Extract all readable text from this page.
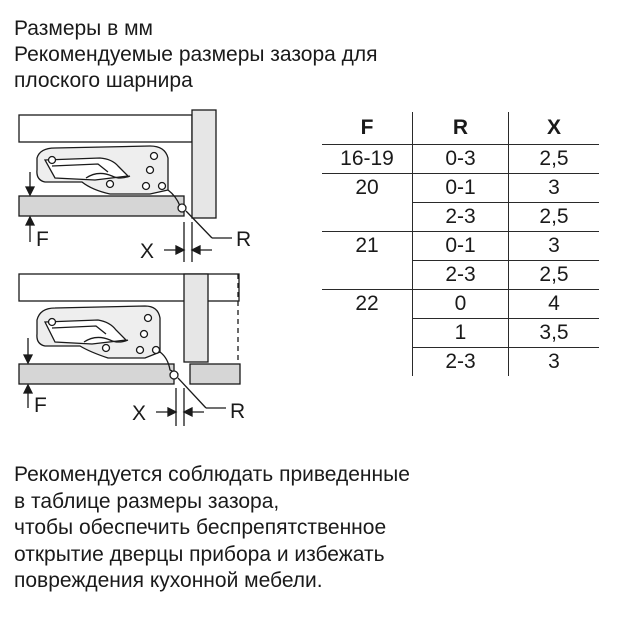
Размеры в мм
Рекомендуемые размеры зазора для
плоского шарнира
F
X
R
F	X	R
F	R	X
16-19	0-3	2,5
20	0-1	3
	2-3	2,5
21	0-1	3
	2-3	2,5
22	0	4
	1	3,5
	2-3	3
Рекомендуется соблюдать приведенные
в таблице размеры зазора,
чтобы обеспечить беспрепятственное
открытие дверцы прибора и избежать
повреждения кухонной мебели.
